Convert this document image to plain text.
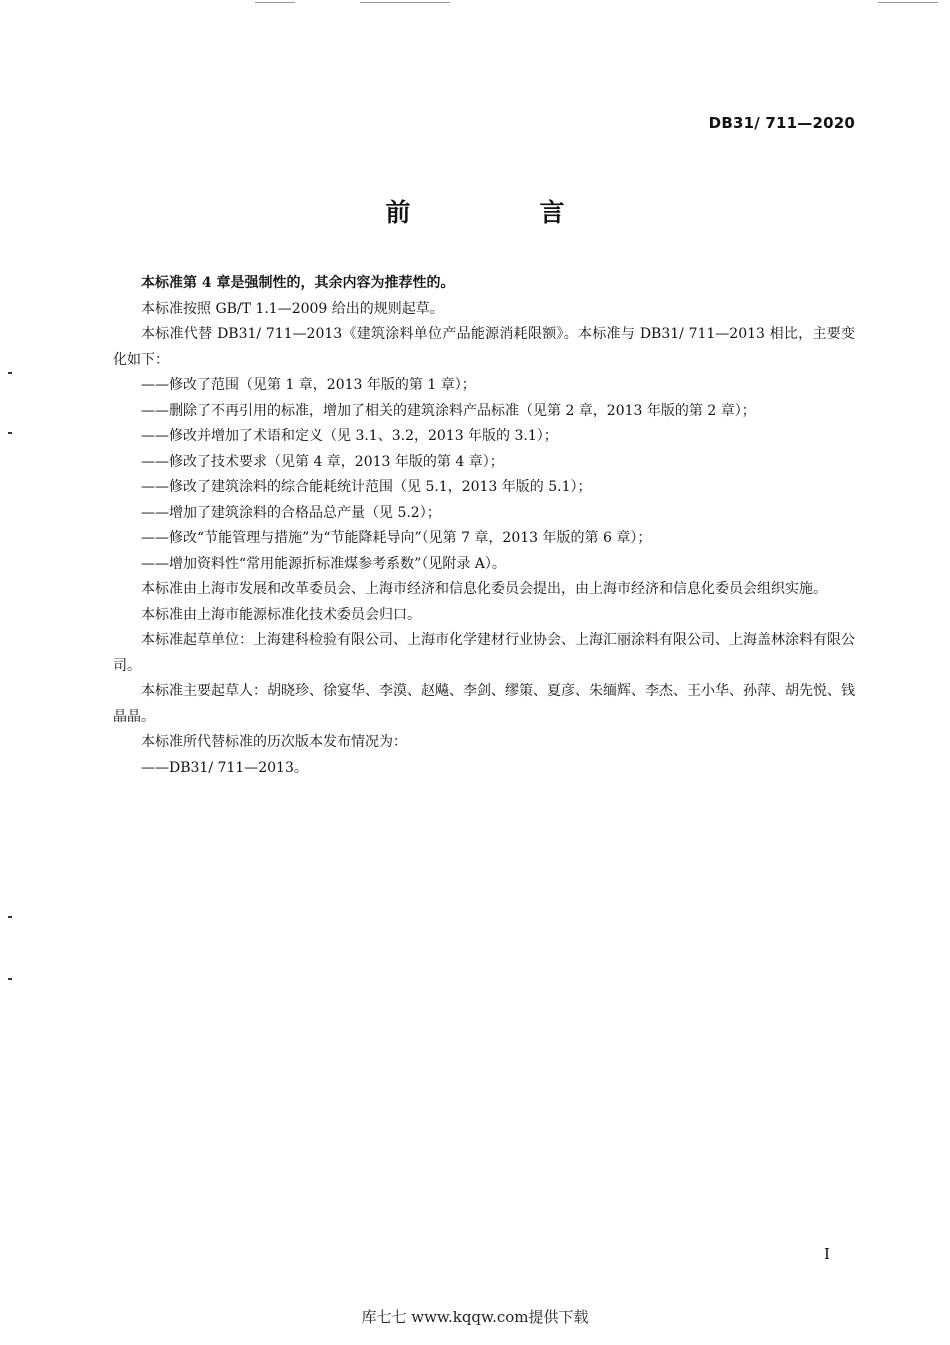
DB31/ 711—2020
前　言

本标准第 4 章是强制性的，其余内容为推荐性的。

本标准按照 GB/T 1.1—2009 给出的规则起草。

本标准代替 DB31/ 711—2013《建筑涂料单位产品能源消耗限额》。本标准与 DB31/ 711—2013 相比，主要变化如下：

——修改了范围（见第 1 章，2013 年版的第 1 章）；

——删除了不再引用的标准，增加了相关的建筑涂料产品标准（见第 2 章，2013 年版的第 2 章）；

——修改并增加了术语和定义（见 3.1、3.2，2013 年版的 3.1）；

——修改了技术要求（见第 4 章，2013 年版的第 4 章）；

——修改了建筑涂料的综合能耗统计范围（见 5.1，2013 年版的 5.1）；

——增加了建筑涂料的合格品总产量（见 5.2）；

——修改“节能管理与措施”为“节能降耗导向”（见第 7 章，2013 年版的第 6 章）；

——增加资料性“常用能源折标准煤参考系数”（见附录 A）。

本标准由上海市发展和改革委员会、上海市经济和信息化委员会提出，由上海市经济和信息化委员会组织实施。

本标准由上海市能源标准化技术委员会归口。

本标准起草单位：上海建科检验有限公司、上海市化学建材行业协会、上海汇丽涂料有限公司、上海盖林涂料有限公司。

本标准主要起草人：胡晓珍、徐宴华、李漠、赵飚、李剑、缪策、夏彦、朱缅辉、李杰、王小华、孙萍、胡先悦、钱晶晶。

本标准所代替标准的历次版本发布情况为：

——DB31/ 711—2013。

I
库七七 www.kqqw.com提供下载
